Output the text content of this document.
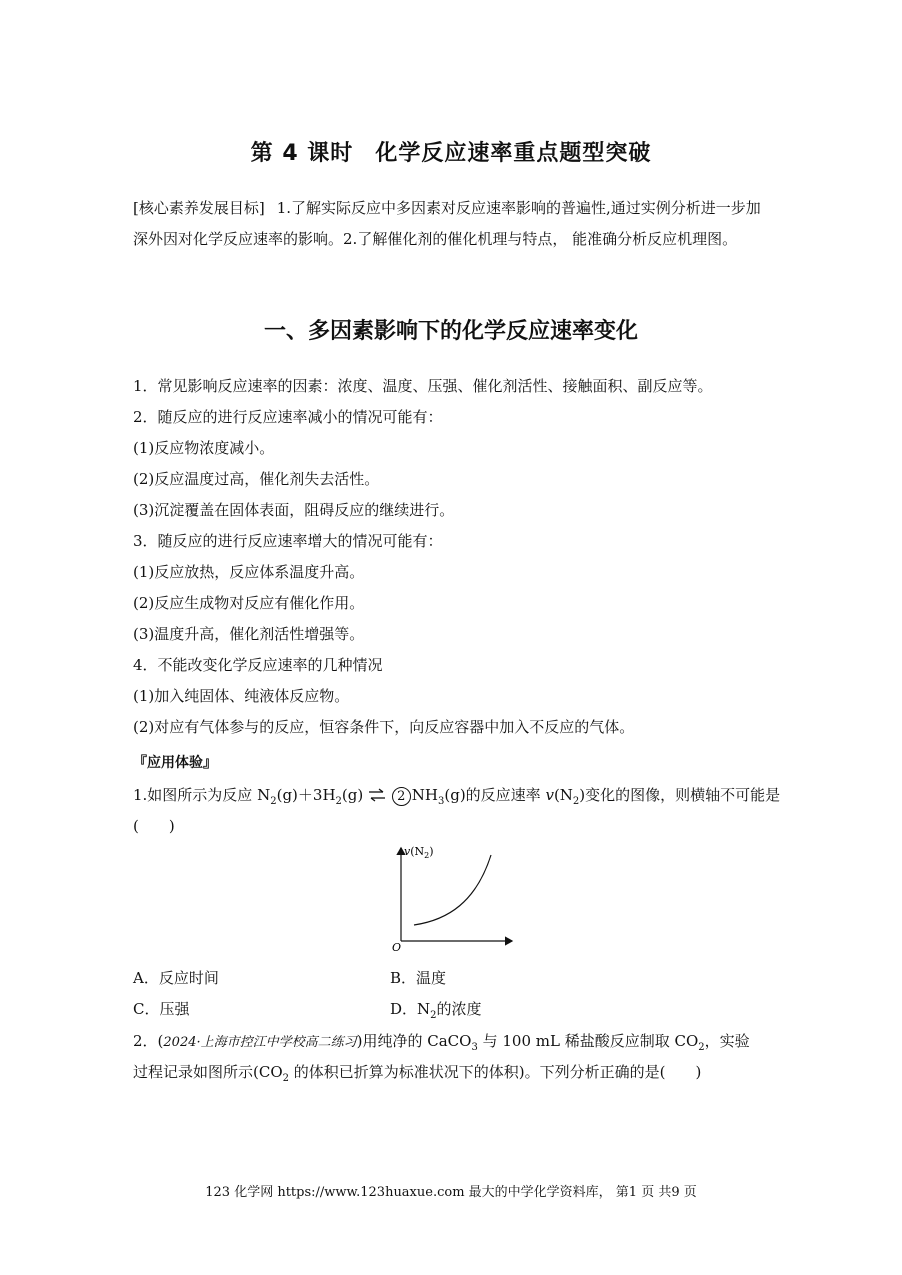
第 4 课时 化学反应速率重点题型突破
[核心素养发展目标] 1.了解实际反应中多因素对反应速率影响的普遍性,通过实例分析进一步加深外因对化学反应速率的影响。2.了解催化剂的催化机理与特点， 能准确分析反应机理图。
一、多因素影响下的化学反应速率变化
1．常见影响反应速率的因素：浓度、温度、压强、催化剂活性、接触面积、副反应等。
2．随反应的进行反应速率减小的情况可能有：
(1)反应物浓度减小。
(2)反应温度过高，催化剂失去活性。
(3)沉淀覆盖在固体表面，阻碍反应的继续进行。
3．随反应的进行反应速率增大的情况可能有：
(1)反应放热，反应体系温度升高。
(2)反应生成物对反应有催化作用。
(3)温度升高，催化剂活性增强等。
4．不能改变化学反应速率的几种情况
(1)加入纯固体、纯液体反应物。
(2)对应有气体参与的反应，恒容条件下，向反应容器中加入不反应的气体。
『应用体验』
1.如图所示为反应 $N_2(g)+3H_2(g)$ ⇌ 2 $NH_3(g)$的反应速率 $v(N_2)$变化的图像，则横轴不可能是
(　　)
$v(N_2)$
O
A．反应时间	B．温度
C．压强	D．$N_2$的浓度
2．(2024·上海市控江中学校高二练习)用纯净的 CaCO$_3$ 与 100 mL 稀盐酸反应制取 $CO_2$，实验
过程记录如图所示($CO_2$ 的体积已折算为标准状况下的体积)。下列分析正确的是(　　)
123 化学网 https://www.123huaxue.com 最大的中学化学资料库， 第1 页 共9 页
